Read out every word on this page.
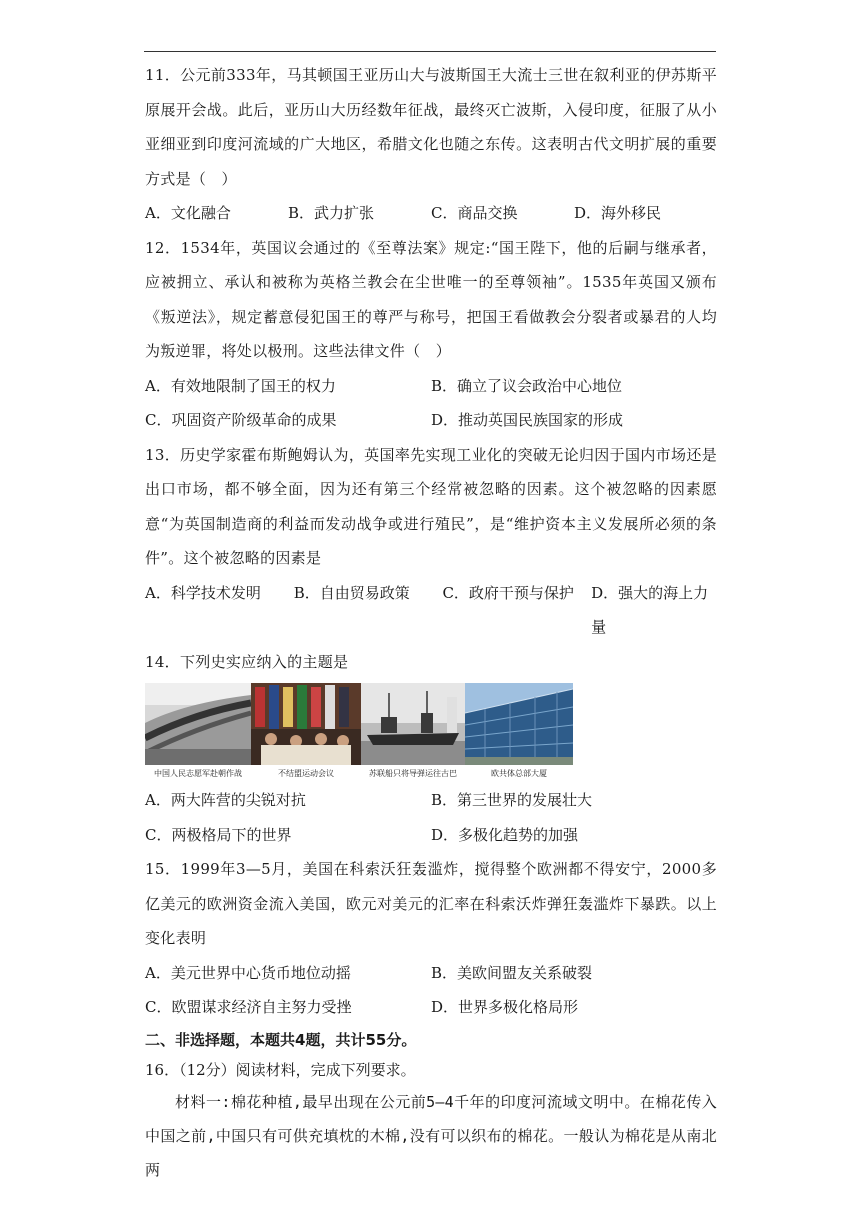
11．公元前333年，马其顿国王亚历山大与波斯国王大流士三世在叙利亚的伊苏斯平原展开会战。此后，亚历山大历经数年征战，最终灭亡波斯，入侵印度，征服了从小亚细亚到印度河流域的广大地区，希腊文化也随之东传。这表明古代文明扩展的重要方式是（　）

A．文化融合	B．武力扩张	C．商品交换	D．海外移民

12．1534年，英国议会通过的《至尊法案》规定:“国王陛下，他的后嗣与继承者，应被拥立、承认和被称为英格兰教会在尘世唯一的至尊领袖”。1535年英国又颁布《叛逆法》，规定蓄意侵犯国王的尊严与称号，把国王看做教会分裂者或暴君的人均为叛逆罪，将处以极刑。这些法律文件（　）

A．有效地限制了国王的权力	B．确立了议会政治中心地位
C．巩固资产阶级革命的成果	D．推动英国民族国家的形成

13．历史学家霍布斯鲍姆认为，英国率先实现工业化的突破无论归因于国内市场还是出口市场，都不够全面，因为还有第三个经常被忽略的因素。这个被忽略的因素愿意“为英国制造商的利益而发动战争或进行殖民”，是“维护资本主义发展所必须的条件”。这个被忽略的因素是

A．科学技术发明	B．自由贸易政策	C．政府干预与保护	D．强大的海上力量

14．下列史实应纳入的主题是

中国人民志愿军赴朝作战	不结盟运动会议	苏联船只将导弹运往古巴	欧共体总部大厦
A．两大阵营的尖锐对抗	B．第三世界的发展壮大
C．两极格局下的世界	D．多极化趋势的加强

15．1999年3—5月，美国在科索沃狂轰滥炸，搅得整个欧洲都不得安宁，2000多亿美元的欧洲资金流入美国，欧元对美元的汇率在科索沃炸弹狂轰滥炸下暴跌。以上变化表明

A．美元世界中心货币地位动摇	B．美欧间盟友关系破裂
C．欧盟谋求经济自主努力受挫	D．世界多极化格局形

二、非选择题，本题共4题，共计55分。

16．（12分）阅读材料，完成下列要求。

材料一:棉花种植,最早出现在公元前5—4千年的印度河流域文明中。在棉花传入中国之前,中国只有可供充填枕的木棉,没有可以织布的棉花。一般认为棉花是从南北两
